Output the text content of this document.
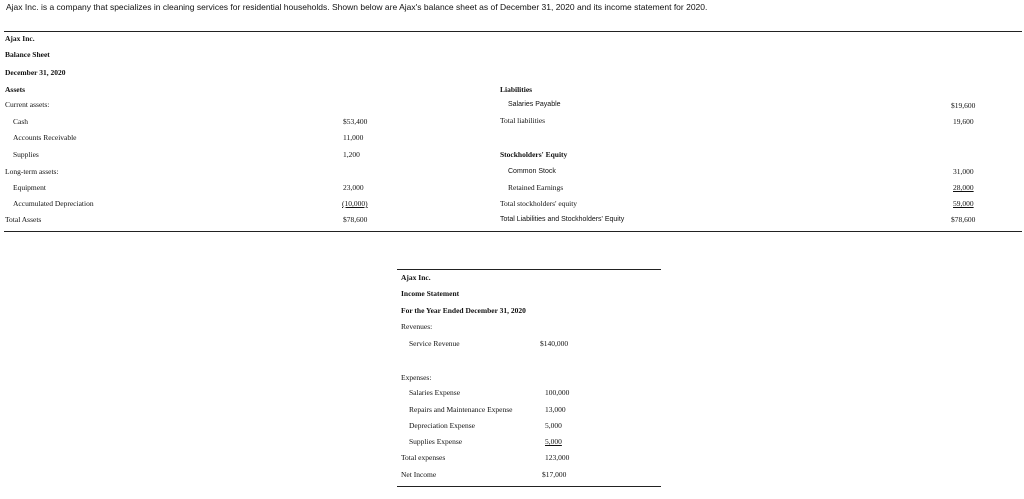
Ajax Inc. is a company that specializes in cleaning services for residential households. Shown below are Ajax's balance sheet as of December 31, 2020 and its income statement for 2020.
Ajax Inc.
Balance Sheet
December 31, 2020
Assets
Current assets:
Cash	$53,400
Accounts Receivable	11,000
Supplies	1,200
Long-term assets:
Equipment	23,000
Accumulated Depreciation	(10,000)
Total Assets	$78,600
Liabilities
Salaries Payable	$19,600
Total liabilities	19,600
Stockholders' Equity
Common Stock	31,000
Retained Earnings	28,000
Total stockholders' equity	59,000
Total Liabilities and Stockholders' Equity	$78,600
Ajax Inc.
Income Statement
For the Year Ended December 31, 2020
Revenues:
Service Revenue	$140,000
Expenses:
Salaries Expense	100,000
Repairs and Maintenance Expense	13,000
Depreciation Expense	5,000
Supplies Expense	5,000
Total expenses	123,000
Net Income	$17,000
